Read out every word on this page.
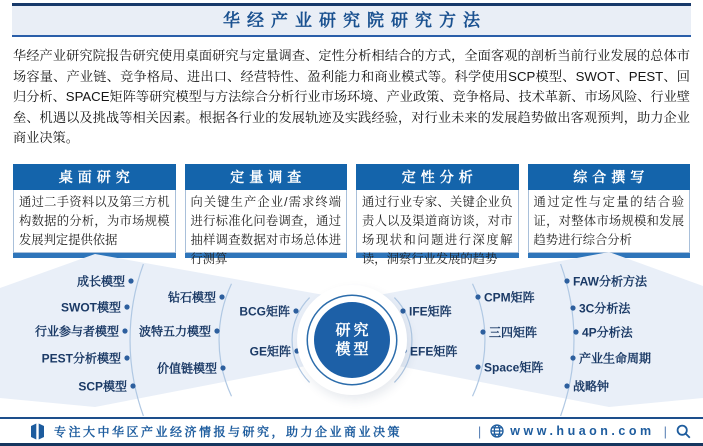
华经产业研究院研究方法
华经产业研究院报告研究使用桌面研究与定量调查、定性分析相结合的方式，全面客观的剖析当前行业发展的总体市场容量、产业链、竞争格局、进出口、经营特性、盈利能力和商业模式等。科学使用SCP模型、SWOT、PEST、回归分析、SPACE矩阵等研究模型与方法综合分析行业市场环境、产业政策、竞争格局、技术革新、市场风险、行业壁垒、机遇以及挑战等相关因素。根据各行业的发展轨迹及实践经验，对行业未来的发展趋势做出客观预判，助力企业商业决策。
桌面研究
通过二手资料以及第三方机构数据的分析，为市场规模发展判定提供依据
定量调查
向关键生产企业/需求终端进行标准化问卷调查，通过抽样调查数据对市场总体进行测算
定性分析
通过行业专家、关键企业负责人以及渠道商访谈，对市场现状和问题进行深度解读，洞察行业发展的趋势
综合撰写
通过定性与定量的结合验证，对整体市场规模和发展趋势进行综合分析
成长模型
SWOT模型
行业参与者模型
PEST分析模型
SCP模型
钻石模型
波特五力模型
价值链模型
BCG矩阵
GE矩阵
IFE矩阵
EFE矩阵
CPM矩阵
三四矩阵
Space矩阵
FAW分析方法
3C分析法
4P分析法
产业生命周期
战略钟
研究
模型
专注大中华区产业经济情报与研究，助力企业商业决策	| www.huaon.com |
